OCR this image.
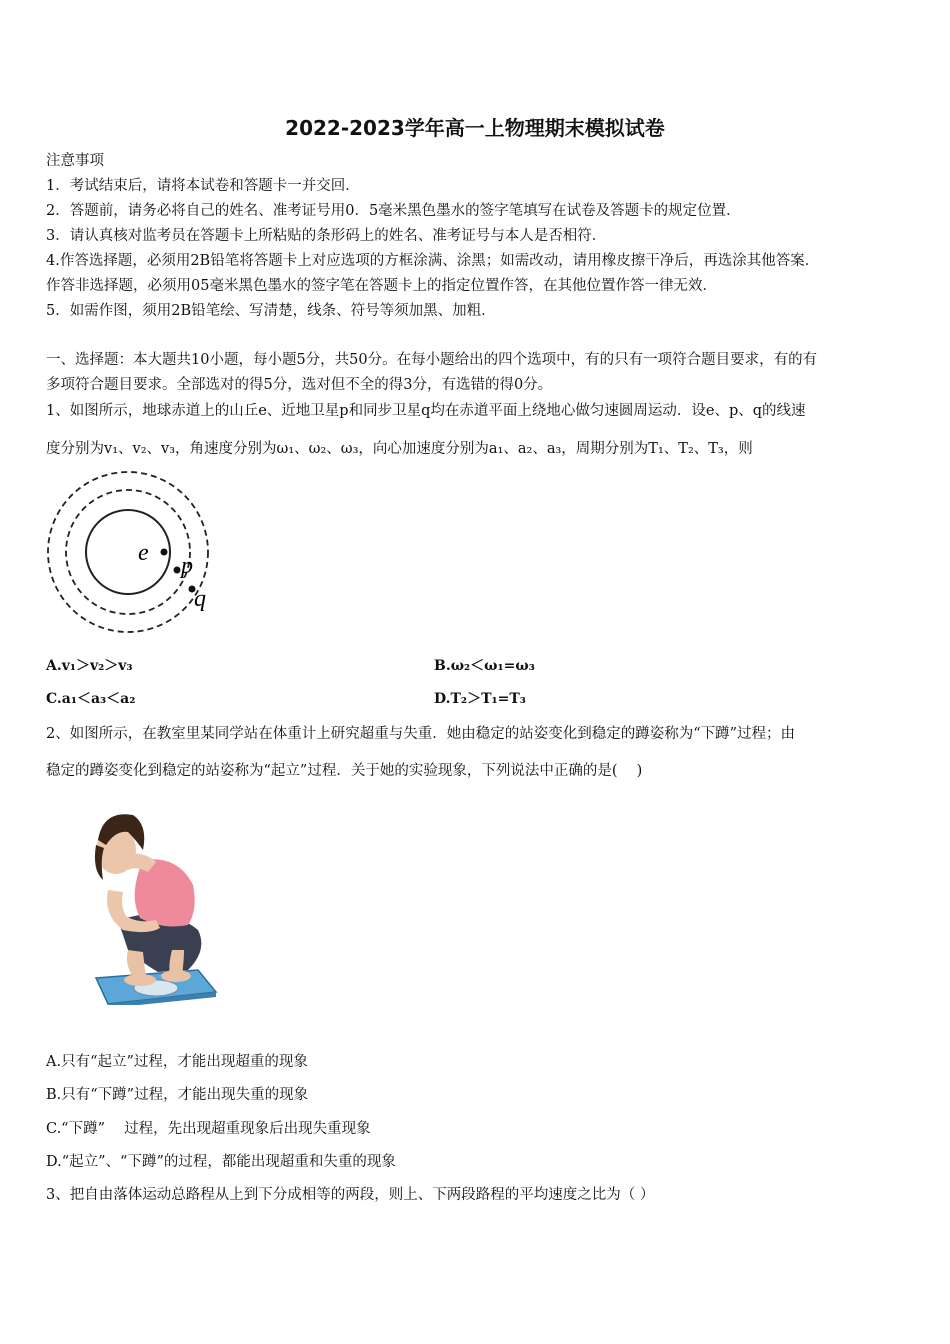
2022-2023学年高一上物理期末模拟试卷
注意事项
1．考试结束后，请将本试卷和答题卡一并交回．
2．答题前，请务必将自己的姓名、准考证号用0．5毫米黑色墨水的签字笔填写在试卷及答题卡的规定位置．
3．请认真核对监考员在答题卡上所粘贴的条形码上的姓名、准考证号与本人是否相符．
4.作答选择题，必须用2B铅笔将答题卡上对应选项的方框涂满、涂黑；如需改动，请用橡皮擦干净后，再选涂其他答案．
作答非选择题，必须用05毫米黑色墨水的签字笔在答题卡上的指定位置作答，在其他位置作答一律无效．
5．如需作图，须用2B铅笔绘、写清楚，线条、符号等须加黑、加粗．
一、选择题：本大题共10小题，每小题5分，共50分。在每小题给出的四个选项中，有的只有一项符合题目要求，有的有
多项符合题目要求。全部选对的得5分，选对但不全的得3分，有选错的得0分。
1、如图所示，地球赤道上的山丘e、近地卫星p和同步卫星q均在赤道平面上绕地心做匀速圆周运动．设e、p、q的线速
度分别为v₁、v₂、v₃，角速度分别为ω₁、ω₂、ω₃，向心加速度分别为a₁、a₂、a₃，周期分别为T₁、T₂、T₃，则
e p
q
A.v₁＞v₂＞v₃	B.ω₂＜ω₁=ω₃
C.a₁＜a₃＜a₂	D.T₂＞T₁=T₃
2、如图所示，在教室里某同学站在体重计上研究超重与失重．她由稳定的站姿变化到稳定的蹲姿称为“下蹲”过程；由
稳定的蹲姿变化到稳定的站姿称为“起立”过程．关于她的实验现象，下列说法中正确的是(　 )
A.只有“起立”过程，才能出现超重的现象
B.只有“下蹲”过程，才能出现失重的现象
C.“下蹲”　 过程，先出现超重现象后出现失重现象
D.“起立”、“下蹲”的过程，都能出现超重和失重的现象
3、把自由落体运动总路程从上到下分成相等的两段，则上、下两段路程的平均速度之比为（ ）
